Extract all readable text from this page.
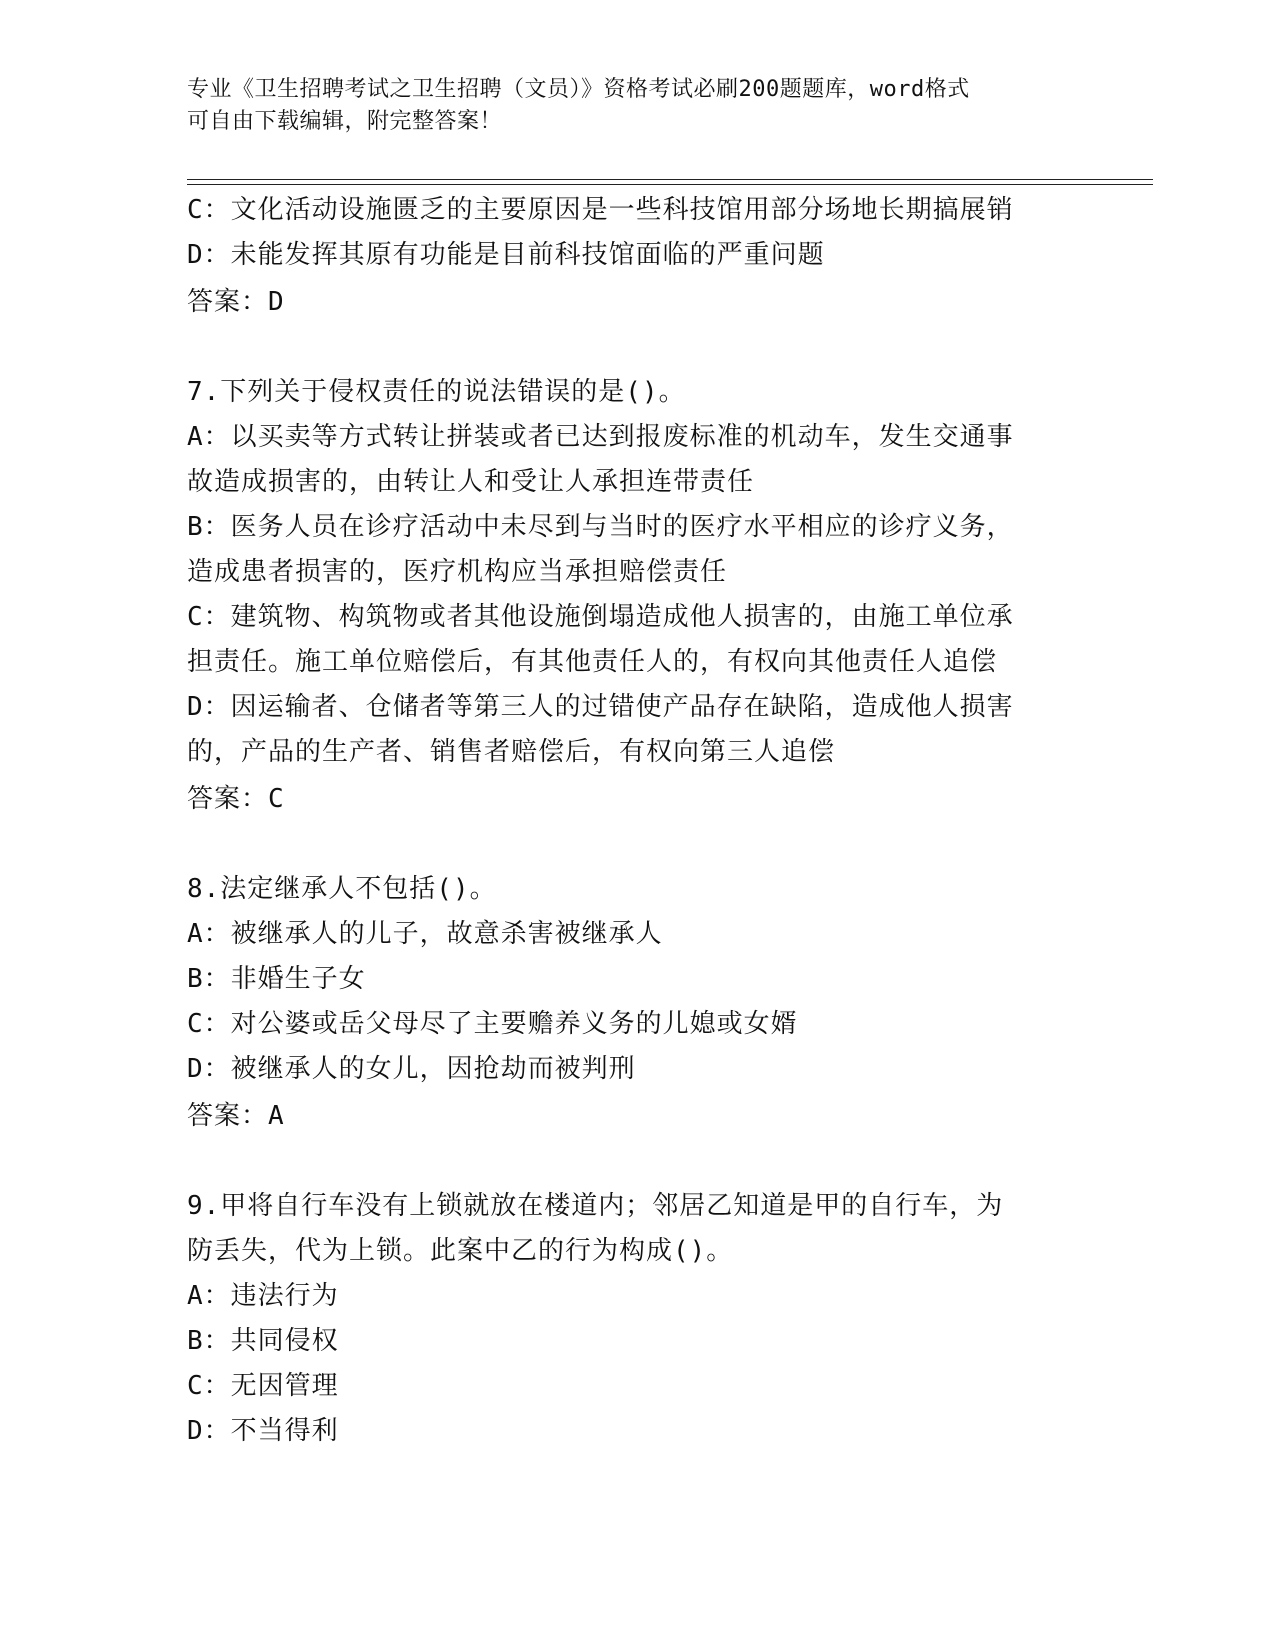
专业《卫生招聘考试之卫生招聘（文员）》资格考试必刷200题题库，word格式
可自由下载编辑，附完整答案！
C：文化活动设施匮乏的主要原因是一些科技馆用部分场地长期搞展销
D：未能发挥其原有功能是目前科技馆面临的严重问题
答案：D
7.下列关于侵权责任的说法错误的是()。
A：以买卖等方式转让拼装或者已达到报废标准的机动车，发生交通事
故造成损害的，由转让人和受让人承担连带责任
B：医务人员在诊疗活动中未尽到与当时的医疗水平相应的诊疗义务，
造成患者损害的，医疗机构应当承担赔偿责任
C：建筑物、构筑物或者其他设施倒塌造成他人损害的，由施工单位承
担责任。施工单位赔偿后，有其他责任人的，有权向其他责任人追偿
D：因运输者、仓储者等第三人的过错使产品存在缺陷，造成他人损害
的，产品的生产者、销售者赔偿后，有权向第三人追偿
答案：C
8.法定继承人不包括()。
A：被继承人的儿子，故意杀害被继承人
B：非婚生子女
C：对公婆或岳父母尽了主要赡养义务的儿媳或女婿
D：被继承人的女儿，因抢劫而被判刑
答案：A
9.甲将自行车没有上锁就放在楼道内；邻居乙知道是甲的自行车，为
防丢失，代为上锁。此案中乙的行为构成()。
A：违法行为
B：共同侵权
C：无因管理
D：不当得利
